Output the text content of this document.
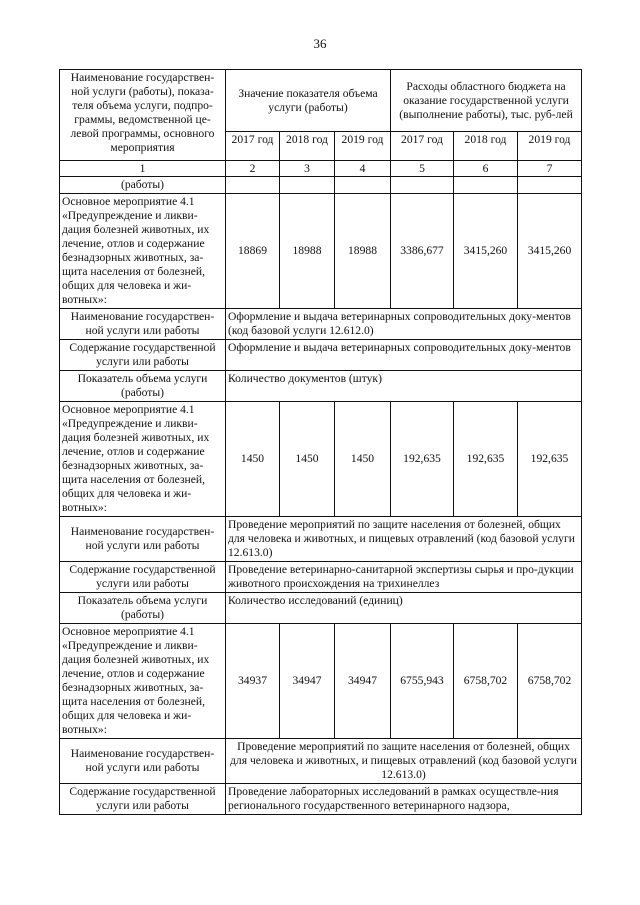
36
Наименование государствен-ной услуги (работы), показа-теля объема услуги, подпро-граммы, ведомственной це-левой программы, основного мероприятия	Значение показателя объема услуги (работы)			Расходы областного бюджета на оказание государственной услуги (выполнение работы), тыс. руб-лей		
	2017 год	2018 год	2019 год	2017 год	2018 год	2019 год
1	2	3	4	5	6	7
(работы)						
Основное мероприятие 4.1 «Предупреждение и ликви-дация болезней животных, их лечение, отлов и содержание безнадзорных животных, за-щита населения от болезней, общих для человека и жи-вотных»:	18869	18988	18988	3386,677	3415,260	3415,260
Наименование государствен-ной услуги или работы	Оформление и выдача ветеринарных сопроводительных доку-ментов (код базовой услуги 12.612.0)					
Содержание государственной услуги или работы	Оформление и выдача ветеринарных сопроводительных доку-ментов					
Показатель объема услуги (работы)	Количество документов (штук)					
Основное мероприятие 4.1 «Предупреждение и ликви-дация болезней животных, их лечение, отлов и содержание безнадзорных животных, за-щита населения от болезней, общих для человека и жи-вотных»:	1450	1450	1450	192,635	192,635	192,635
Наименование государствен-ной услуги или работы	Проведение мероприятий по защите населения от болезней, общих для человека и животных, и пищевых отравлений (код базовой услуги 12.613.0)					
Содержание государственной услуги или работы	Проведение ветеринарно-санитарной экспертизы сырья и про-дукции животного происхождения на трихинеллез					
Показатель объема услуги (работы)	Количество исследований (единиц)					
Основное мероприятие 4.1 «Предупреждение и ликви-дация болезней животных, их лечение, отлов и содержание безнадзорных животных, за-щита населения от болезней, общих для человека и жи-вотных»:	34937	34947	34947	6755,943	6758,702	6758,702
Наименование государствен-ной услуги или работы	Проведение мероприятий по защите населения от болезней, общих для человека и животных, и пищевых отравлений (код базовой услуги 12.613.0)					
Содержание государственной услуги или работы	Проведение лабораторных исследований в рамках осуществле-ния регионального государственного ветеринарного надзора,					
